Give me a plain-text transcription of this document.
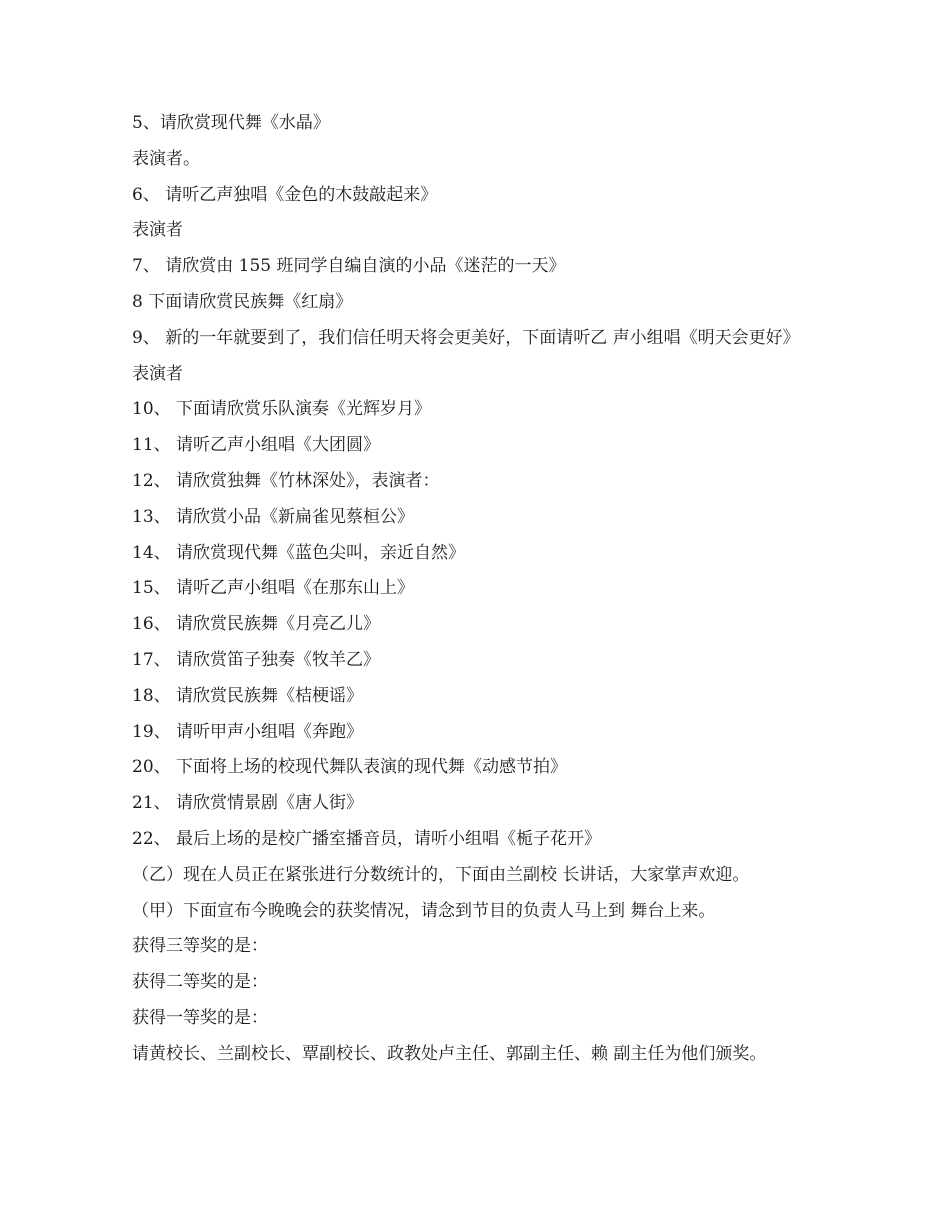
5、请欣赏现代舞《水晶》

表演者。

6、 请听乙声独唱《金色的木鼓敲起来》

表演者

7、 请欣赏由 155 班同学自编自演的小品《迷茫的一天》

8 下面请欣赏民族舞《红扇》

9、 新的一年就要到了，我们信任明天将会更美好，下面请听乙 声小组唱《明天会更好》

表演者

10、 下面请欣赏乐队演奏《光辉岁月》

11、 请听乙声小组唱《大团圆》

12、 请欣赏独舞《竹林深处》，表演者：

13、 请欣赏小品《新扁雀见蔡桓公》

14、 请欣赏现代舞《蓝色尖叫，亲近自然》

15、 请听乙声小组唱《在那东山上》

16、 请欣赏民族舞《月亮乙儿》

17、 请欣赏笛子独奏《牧羊乙》

18、 请欣赏民族舞《桔梗谣》

19、 请听甲声小组唱《奔跑》

20、 下面将上场的校现代舞队表演的现代舞《动感节拍》

21、 请欣赏情景剧《唐人街》

22、 最后上场的是校广播室播音员，请听小组唱《栀子花开》

（乙）现在人员正在紧张进行分数统计的，下面由兰副校 长讲话，大家掌声欢迎。

（甲）下面宣布今晚晚会的获奖情况，请念到节目的负责人马上到 舞台上来。

获得三等奖的是：

获得二等奖的是：

获得一等奖的是：

请黄校长、兰副校长、覃副校长、政教处卢主任、郭副主任、赖 副主任为他们颁奖。
